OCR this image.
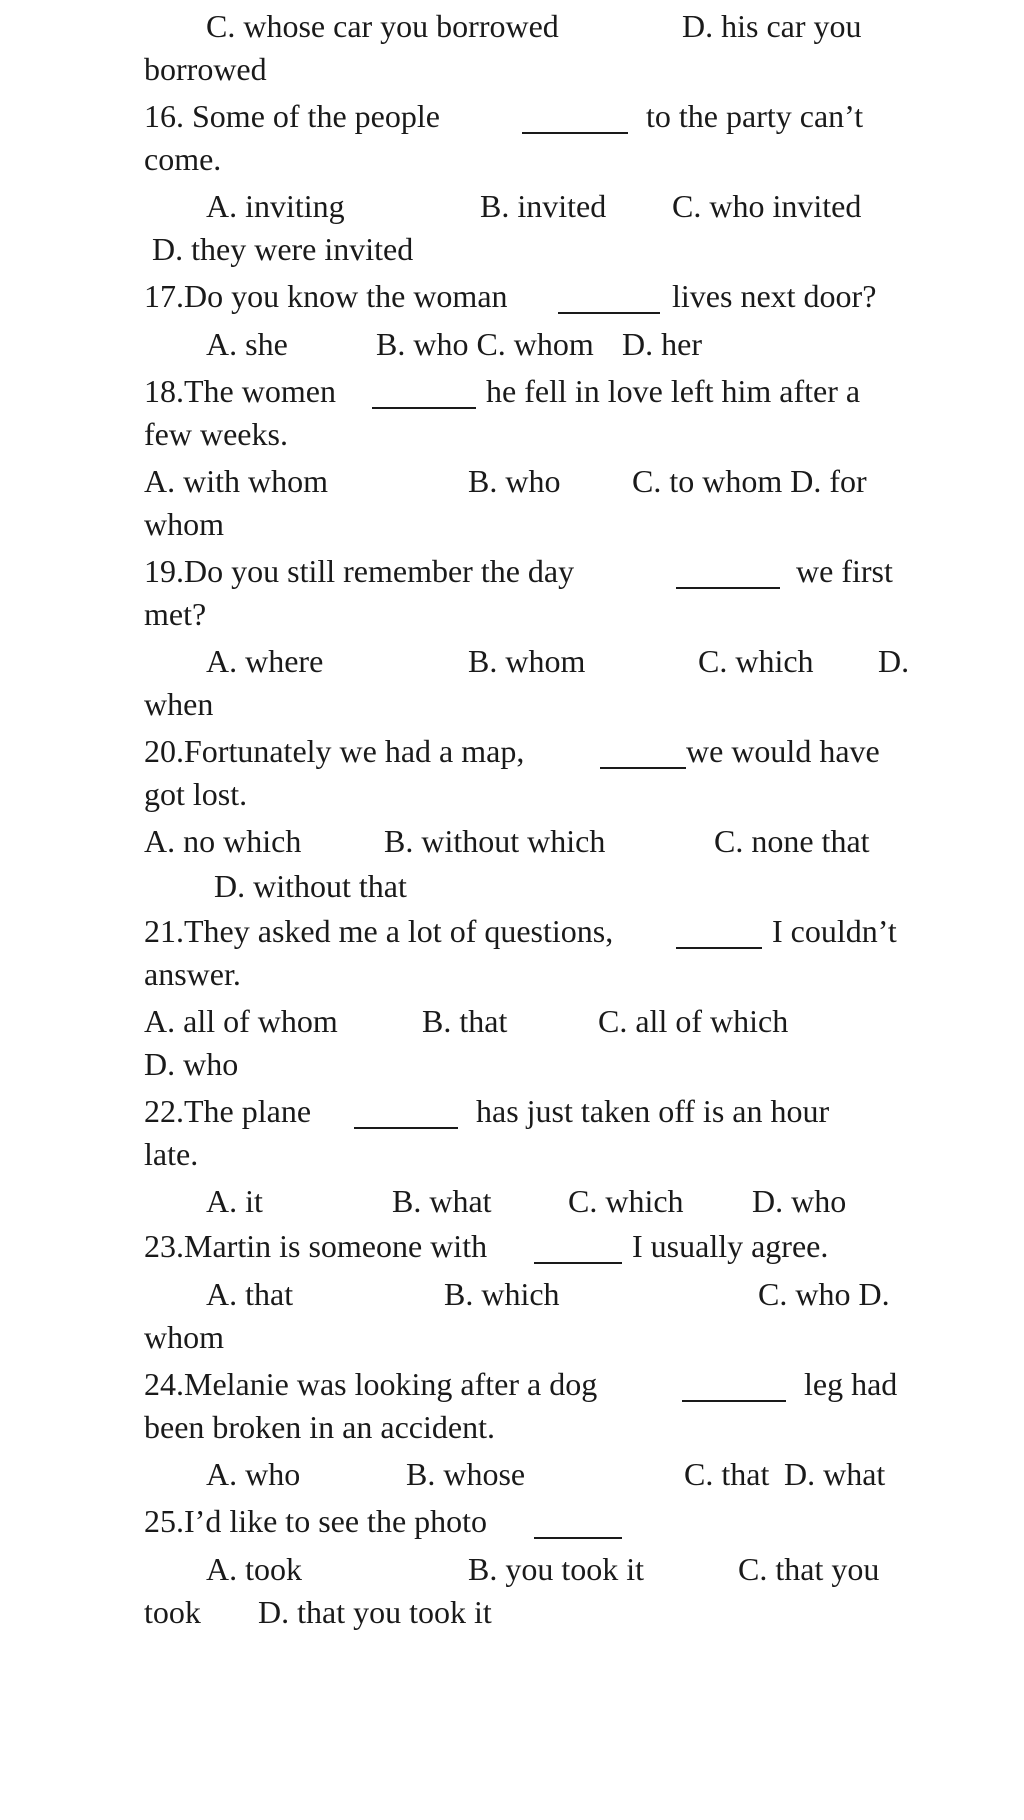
C. whose car you borrowed	D. his car you
borrowed
16. Some of the people	to the party can’t
come.
A. inviting	B. invited C. who invited
D. they were invited
17.Do you know the woman	lives next door?
A. she	B. who C. whom D. her
18.The women	he fell in love left him after a
few weeks.
A. with whom	B. who C. to whom D. for
whom
19.Do you still remember the day	we first
met?
A. where	B. whom	C. which D.
when
20.Fortunately we had a map,	we would have
got lost.
A. no which	B. without which	C. none that
D. without that
21.They asked me a lot of questions,	I couldn’t
answer.
A. all of whom	B. that	C. all of which
D. who
22.The plane	has just taken off is an hour
late.
A. it	B. what C. which D. who
23.Martin is someone with	I usually agree.
A. that	B. which	C. who D.
whom
24.Melanie was looking after a dog	leg had
been broken in an accident.
A. who	B. whose	C. that D. what
25.I’d like to see the photo
A. took	B. you took it	C. that you
took D. that you took it
